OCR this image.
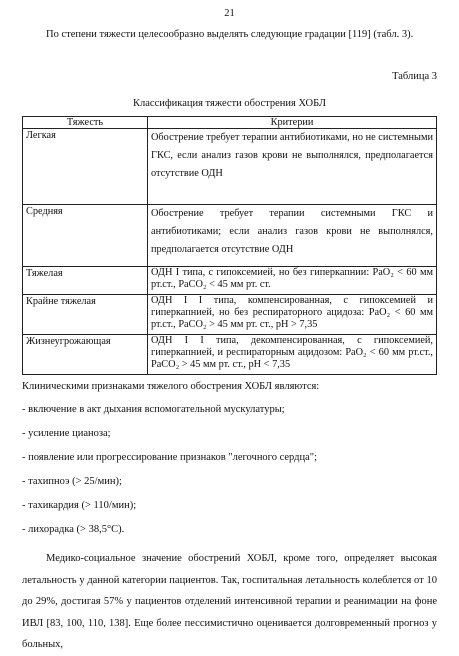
21
По степени тяжести целесообразно выделять следующие градации [119] (табл. 3).
Таблица 3
Классификация тяжести обострения ХОБЛ
Тяжесть	Критерии
Легкая	Обострение требует терапии антибиотиками, но не системными ГКС, если анализ газов крови не выполнялся, предполагается отсутствие ОДН
Средняя	Обострение требует терапии системными ГКС и антибиотиками; если анализ газов крови не выполнялся, предполагается отсутствие ОДН
Тяжелая	ОДН I типа, с гипоксемией, но без гиперкапнии: PaO₂ < 60 мм рт.ст., PaCO₂ < 45 мм рт. ст.
Крайне тяжелая	ОДН I I типа, компенсированная, с гипоксемией и гиперкапнией, но без респираторного ацидоза: PaO₂ < 60 мм рт.ст., PaCO₂ > 45 мм рт. ст., pH > 7,35
Жизнеугрожающая	ОДН I I типа, декомпенсированная, с гипоксемией, гиперкапнией, и респираторным ацидозом: PaO₂ < 60 мм рт.ст., PaCO₂ > 45 мм рт. ст., pH < 7,35
Клиническими признаками тяжелого обострения ХОБЛ являются:
- включение в акт дыхания вспомогательной мускулатуры;
- усиление цианоза;
- появление или прогрессирование признаков "легочного сердца";
- тахипноэ (> 25/мин);
- тахикардия (> 110/мин);
- лихорадка (> 38,5°С).
Медико-социальное значение обострений ХОБЛ, кроме того, определяет высокая летальность у данной категории пациентов. Так, госпитальная летальность колеблется от 10 до 29%, достигая 57% у пациентов отделений интенсивной терапии и реанимации на фоне ИВЛ [83, 100, 110, 138]. Еще более пессимистично оценивается долговременный прогноз у больных,
